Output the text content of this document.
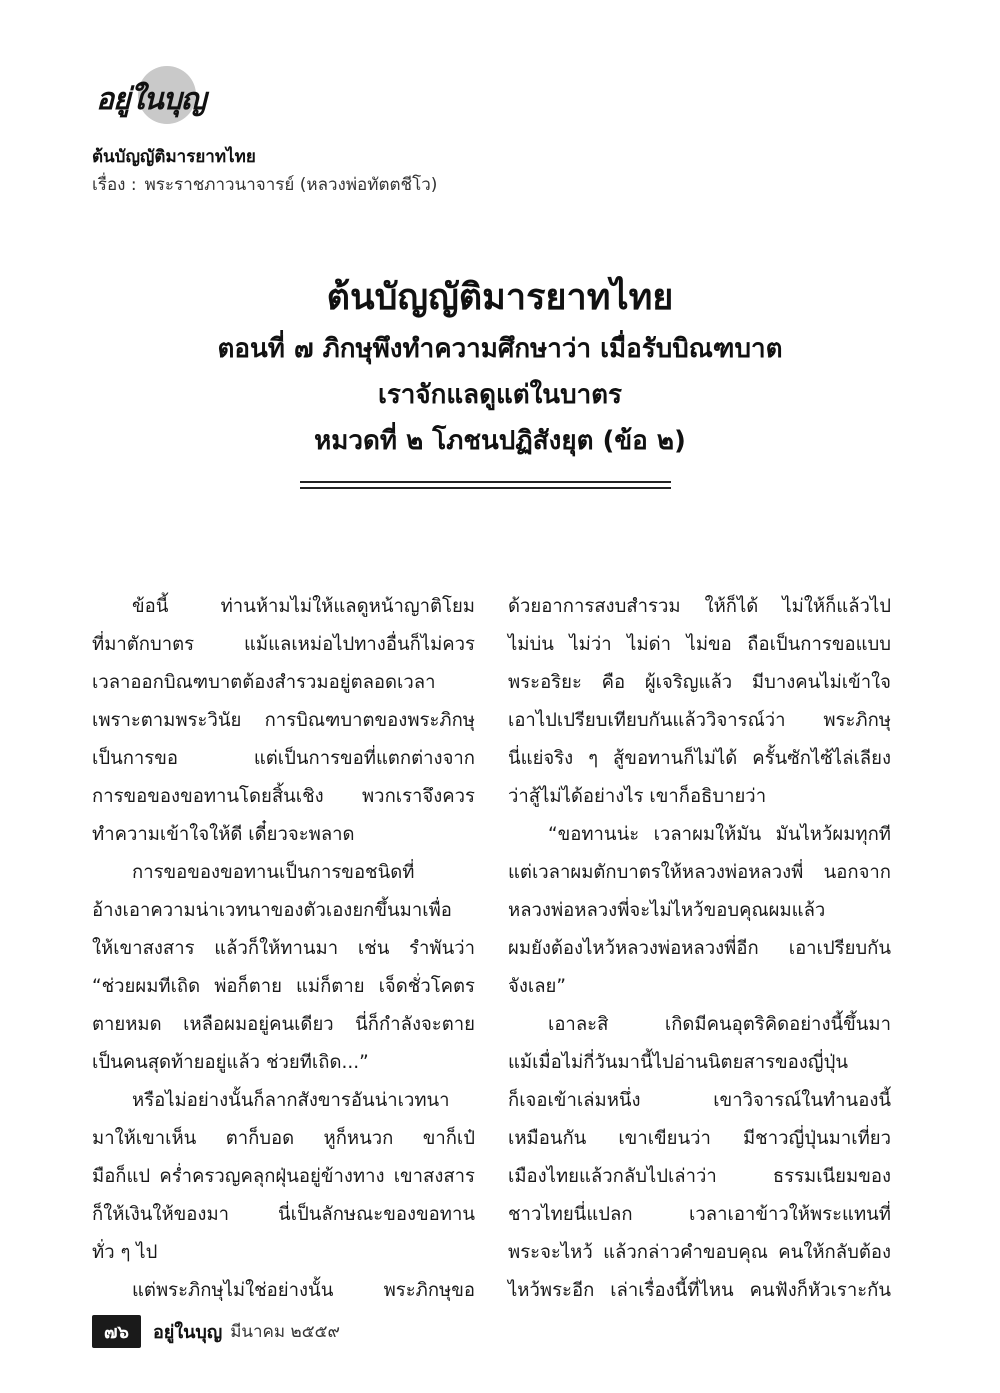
อยู่ในบุญ
ต้นบัญญัติมารยาทไทย
เรื่อง : พระราชภาวนาจารย์ (หลวงพ่อทัตตชีโว)
ต้นบัญญัติมารยาทไทย

ตอนที่ ๗ ภิกษุพึงทำความศึกษาว่า เมื่อรับบิณฑบาต

เราจักแลดูแต่ในบาตร

หมวดที่ ๒ โภชนปฏิสังยุต (ข้อ ๒)

ข้อนี้ ท่านห้ามไม่ให้แลดูหน้าญาติโยม

ที่มาตักบาตร แม้แลเหม่อไปทางอื่นก็ไม่ควร

เวลาออกบิณฑบาตต้องสำรวมอยู่ตลอดเวลา

เพราะตามพระวินัย การบิณฑบาตของพระภิกษุ

เป็นการขอ แต่เป็นการขอที่แตกต่างจาก

การขอของขอทานโดยสิ้นเชิง พวกเราจึงควร

ทำความเข้าใจให้ดี เดี๋ยวจะพลาด

การขอของขอทานเป็นการขอชนิดที่

อ้างเอาความน่าเวทนาของตัวเองยกขึ้นมาเพื่อ

ให้เขาสงสาร แล้วก็ให้ทานมา เช่น รำพันว่า

“ช่วยผมทีเถิด พ่อก็ตาย แม่ก็ตาย เจ็ดชั่วโคตร

ตายหมด เหลือผมอยู่คนเดียว นี่ก็กำลังจะตาย

เป็นคนสุดท้ายอยู่แล้ว ช่วยทีเถิด...”

หรือไม่อย่างนั้นก็ลากสังขารอันน่าเวทนา

มาให้เขาเห็น ตาก็บอด หูก็หนวก ขาก็เป๋

มือก็แป คร่ำครวญคลุกฝุ่นอยู่ข้างทาง เขาสงสาร

ก็ให้เงินให้ของมา นี่เป็นลักษณะของขอทาน

ทั่ว ๆ ไป

แต่พระภิกษุไม่ใช่อย่างนั้น พระภิกษุขอ

ด้วยอาการสงบสำรวม ให้ก็ได้ ไม่ให้ก็แล้วไป

ไม่บ่น ไม่ว่า ไม่ด่า ไม่ขอ ถือเป็นการขอแบบ

พระอริยะ คือ ผู้เจริญแล้ว มีบางคนไม่เข้าใจ

เอาไปเปรียบเทียบกันแล้ววิจารณ์ว่า พระภิกษุ

นี่แย่จริง ๆ สู้ขอทานก็ไม่ได้ ครั้นซักไซ้ไล่เลียง

ว่าสู้ไม่ได้อย่างไร เขาก็อธิบายว่า

“ขอทานน่ะ เวลาผมให้มัน มันไหว้ผมทุกที

แต่เวลาผมตักบาตรให้หลวงพ่อหลวงพี่ นอกจาก

หลวงพ่อหลวงพี่จะไม่ไหว้ขอบคุณผมแล้ว

ผมยังต้องไหว้หลวงพ่อหลวงพี่อีก เอาเปรียบกัน

จังเลย”

เอาละสิ เกิดมีคนอุตริคิดอย่างนี้ขึ้นมา

แม้เมื่อไม่กี่วันมานี้ไปอ่านนิตยสารของญี่ปุ่น

ก็เจอเข้าเล่มหนึ่ง เขาวิจารณ์ในทำนองนี้

เหมือนกัน เขาเขียนว่า มีชาวญี่ปุ่นมาเที่ยว

เมืองไทยแล้วกลับไปเล่าว่า ธรรมเนียมของ

ชาวไทยนี่แปลก เวลาเอาข้าวให้พระแทนที่

พระจะไหว้ แล้วกล่าวคำขอบคุณ คนให้กลับต้อง

ไหว้พระอีก เล่าเรื่องนี้ที่ไหน คนฟังก็หัวเราะกัน

๗๖	อยู่ในบุญ มีนาคม ๒๕๕๙
